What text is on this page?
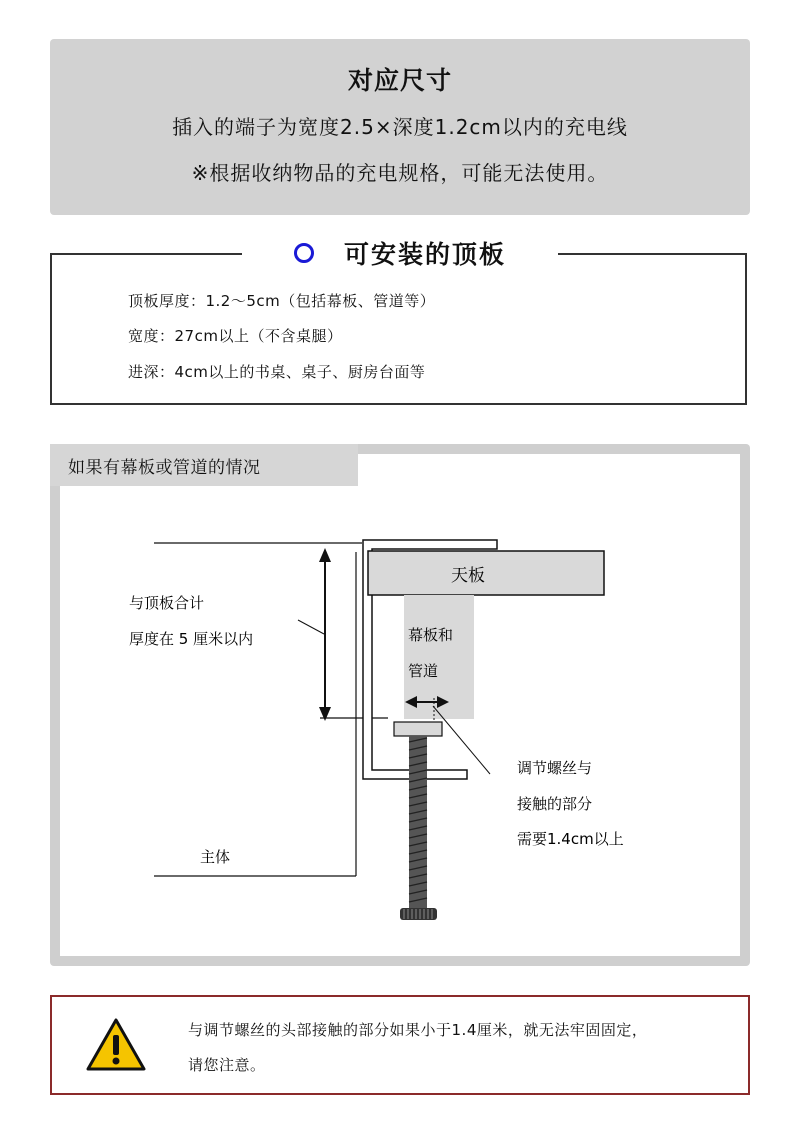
对应尺寸
插入的端子为宽度2.5×深度1.2cm以内的充电线
※根据收纳物品的充电规格，可能无法使用。
可安装的顶板
顶板厚度：1.2～5cm（包括幕板、管道等）
宽度：27cm以上（不含桌腿）
进深：4cm以上的书桌、桌子、厨房台面等
如果有幕板或管道的情况
天板
幕板和
管道
与顶板合计
厚度在 5 厘米以内
调节螺丝与
接触的部分
需要1.4cm以上
主体
与调节螺丝的头部接触的部分如果小于1.4厘米，就无法牢固固定，
请您注意。
